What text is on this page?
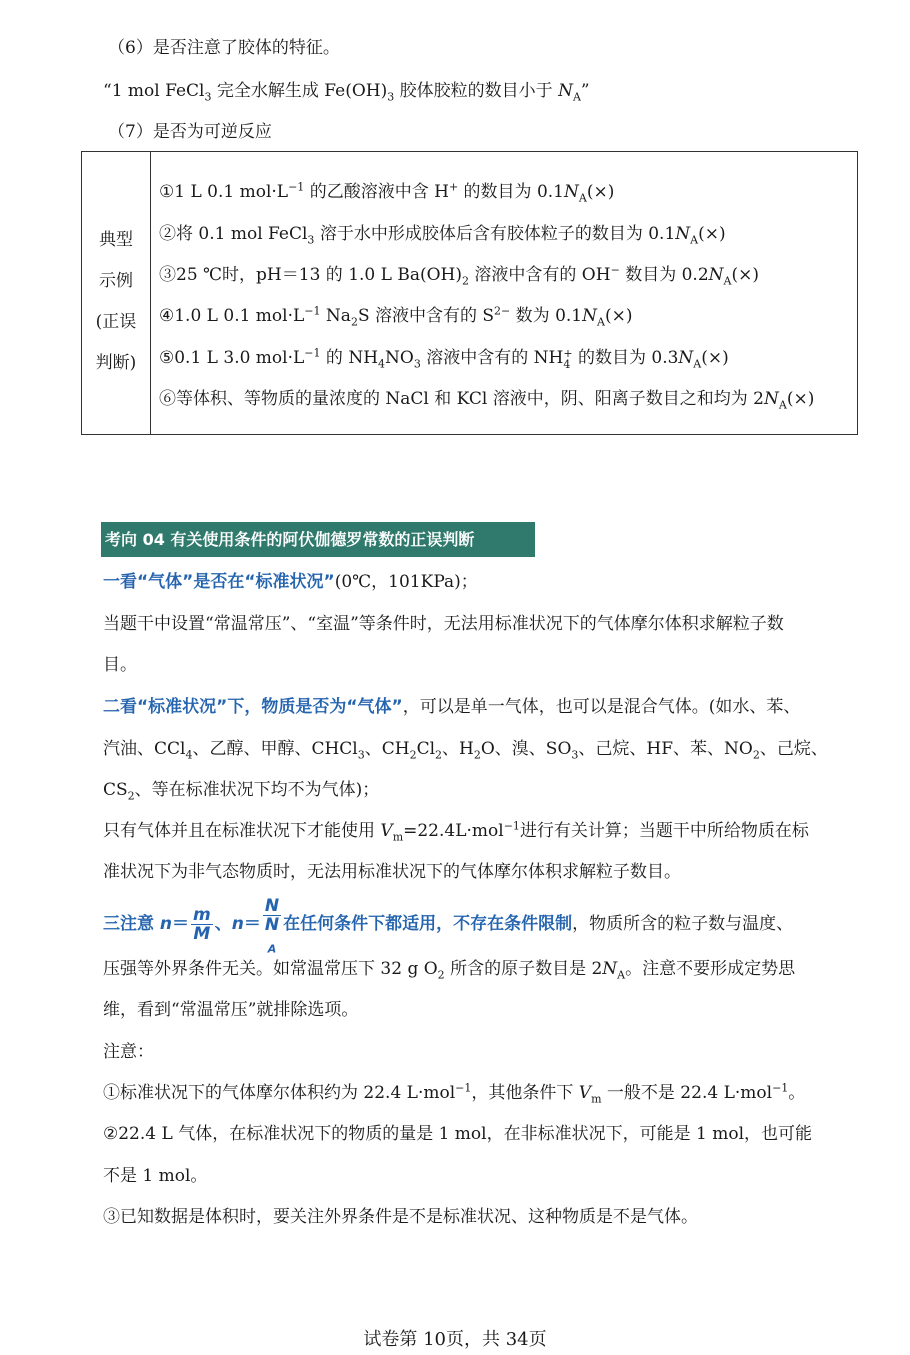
（6）是否注意了胶体的特征。
“1 mol FeCl$_3$ 完全水解生成 $Fe(OH)_3$ 胶体胶粒的数目小于 $N_A$”
（7）是否为可逆反应
典型
示例
(正误
判断)

①1 L 0.1 $mol\cdot L^{-1}$ 的乙酸溶液中含 H+ 的数目为 $0.1N_A(\times)$
②将 0.1 mol FeCl$_3$ 溶于水中形成胶体后含有胶体粒子的数目为 $0.1N_A(\times)$
③25 ℃时，pH＝13 的 1.0 L $Ba(OH)_2$ 溶液中含有的 OH− 数目为 $0.2N_A(\times)$
④1.0 L 0.1 $mol\cdot L^{-1}$ $Na_2S$ 溶液中含有的 $S^{2-}$ 数为 $0.1N_A(\times)$
⑤0.1 L 3.0 $mol\cdot L^{-1}$ 的 $NH_4NO_3$ 溶液中含有的 NH +
4 的数目为 $0.3N_A(\times)$
⑥等体积、等物质的量浓度的 NaCl 和 KCl 溶液中，阴、阳离子数目之和均为 $2N_A(\times)$
考向 04 有关使用条件的阿伏伽德罗常数的正误判断
一看“气体”是否在“标准状况”(0℃，101KPa)；
当题干中设置“常温常压”、“室温”等条件时，无法用标准状况下的气体摩尔体积求解粒子数
目。
二看“标准状况”下，物质是否为“气体”，可以是单一气体，也可以是混合气体。(如水、苯、
汽油、CCl$_4$、乙醇、甲醇、CHCl$_3$、$CH_2Cl_2$、$H_2O$、溴、$SO_3$、己烷、HF、苯、$NO_2$、己烷、
$CS_2$、等在标准状况下均不为气体)；
只有气体并且在标准状况下才能使用 $V_m=22.4L\cdot mol^{-1}$进行有关计算；当题干中所给物质在标
准状况下为非气态物质时，无法用标准状况下的气体摩尔体积求解粒子数目。
三注意 $n= \frac{m}{M}$ 、n＝ N
N
$_A$ 在任何条件下都适用，不存在条件限制，物质所含的粒子数与温度、
压强等外界条件无关。如常温常压下 32 g $O_2$ 所含的原子数目是 $2N_A$。注意不要形成定势思
维，看到“常温常压”就排除选项。
注意：
①标准状况下的气体摩尔体积约为 22.4 L·mol$^{-1}$，其他条件下 $V_m$ 一般不是 22.4 L·mol$^{-1}$。
②22.4 L 气体，在标准状况下的物质的量是 1 mol，在非标准状况下，可能是 1 mol，也可能
不是 1 mol。
③已知数据是体积时，要关注外界条件是不是标准状况、这种物质是不是气体。
试卷第 10页，共 34页
